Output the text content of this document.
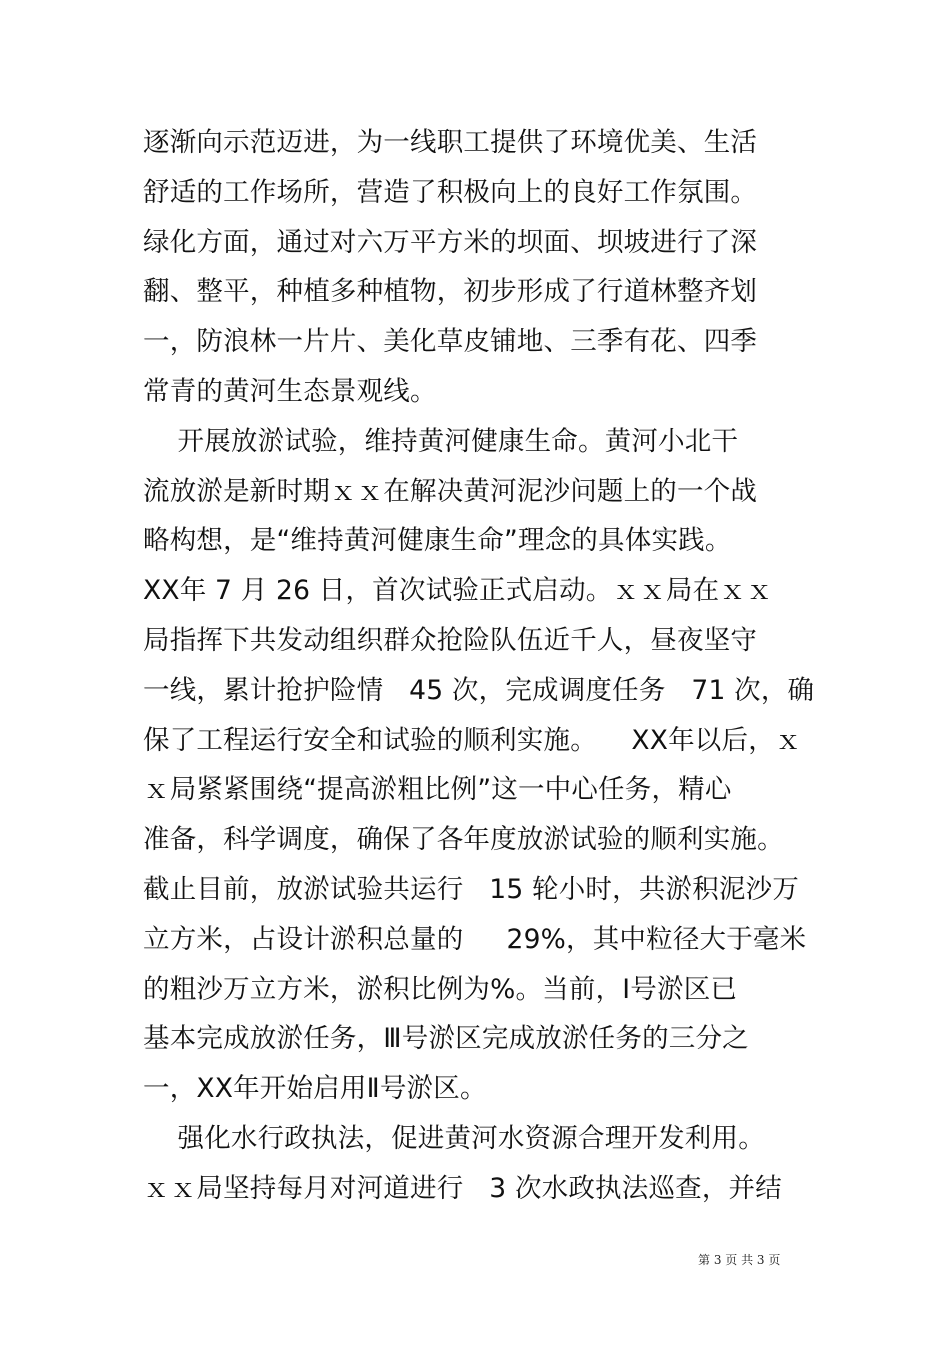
逐渐向示范迈进，为一线职工提供了环境优美、生活
舒适的工作场所，营造了积极向上的良好工作氛围。
绿化方面，通过对六万平方米的坝面、坝坡进行了深
翻、整平，种植多种植物，初步形成了行道林整齐划
一，防浪林一片片、美化草皮铺地、三季有花、四季
常青的黄河生态景观线。
开展放淤试验，维持黄河健康生命。黄河小北干
流放淤是新时期ｘｘ在解决黄河泥沙问题上的一个战
略构想，是“维持黄河健康生命”理念的具体实践。
XX年 7 月 26 日，首次试验正式启动。ｘｘ局在ｘｘ
局指挥下共发动组织群众抢险队伍近千人，昼夜坚守
一线，累计抢护险情   45 次，完成调度任务   71 次，确
保了工程运行安全和试验的顺利实施。    XX年以后，ｘ
ｘ局紧紧围绕“提高淤粗比例”这一中心任务，精心
准备，科学调度，确保了各年度放淤试验的顺利实施。
截止目前，放淤试验共运行   15 轮小时，共淤积泥沙万
立方米，占设计淤积总量的     29%，其中粒径大于毫米
的粗沙万立方米，淤积比例为%。当前，Ⅰ号淤区已
基本完成放淤任务，Ⅲ号淤区完成放淤任务的三分之
一，XX年开始启用Ⅱ号淤区。
强化水行政执法，促进黄河水资源合理开发利用。
ｘｘ局坚持每月对河道进行   3 次水政执法巡查，并结
第 3 页 共 3 页
